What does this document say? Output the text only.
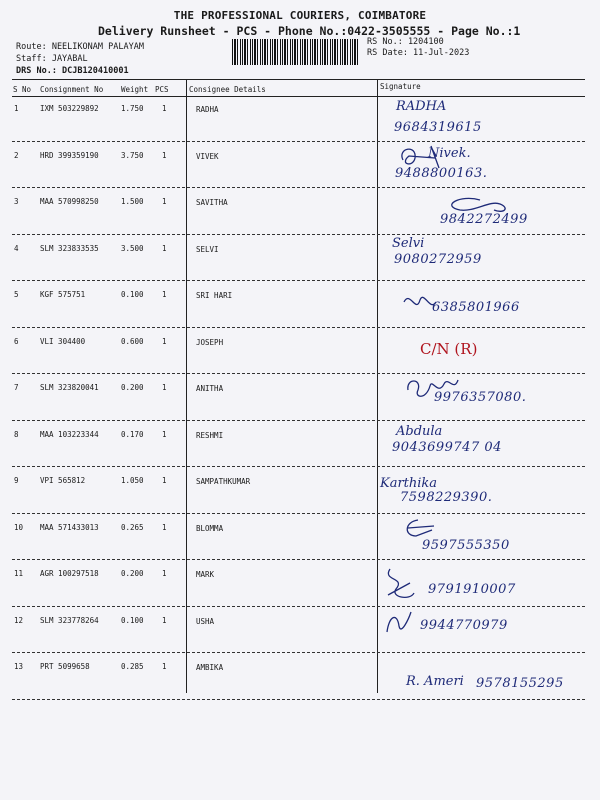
THE PROFESSIONAL COURIERS, COIMBATORE
Delivery Runsheet - PCS - Phone No.:0422-3505555 - Page No.:1
Route: NEELIKONAM PALAYAM
Staff: JAYABAL
DRS No.: DCJB120410001
RS No.: 1204100
RS Date: 11-Jul-2023
S No Consignment No Weight PCS	Consignee Details	Signature
1	IXM 503229892	1.750 1	RADHA	RADHA
9684319615
2	HRD 399359190	3.750 1	VIVEK	Nivek.
9488800163.
3	MAA 570998250	1.500 1	SAVITHA
9842272499
4	SLM 323833535	3.500 1	SELVI	Selvi
9080272959
5	KGF 575751	0.100 1	SRI HARI
6385801966
6	VLI 304400	0.600 1	JOSEPH	C/N (R)
7	SLM 323820041	0.200 1	ANITHA
9976357080.
8	MAA 103223344	0.170 1	RESHMI	Abdula
9043699747 04
9	VPI 565812	1.050 1	SAMPATHKUMAR	Karthika
7598229390.
10 MAA 571433013	0.265 1	BLOMMA
9597555350
11 AGR 100297518	0.200 1	MARK
9791910007
12 SLM 323778264	0.100 1	USHA	9944770979
13 PRT 5099658	0.285 1	AMBIKA
R. Ameri 9578155295
